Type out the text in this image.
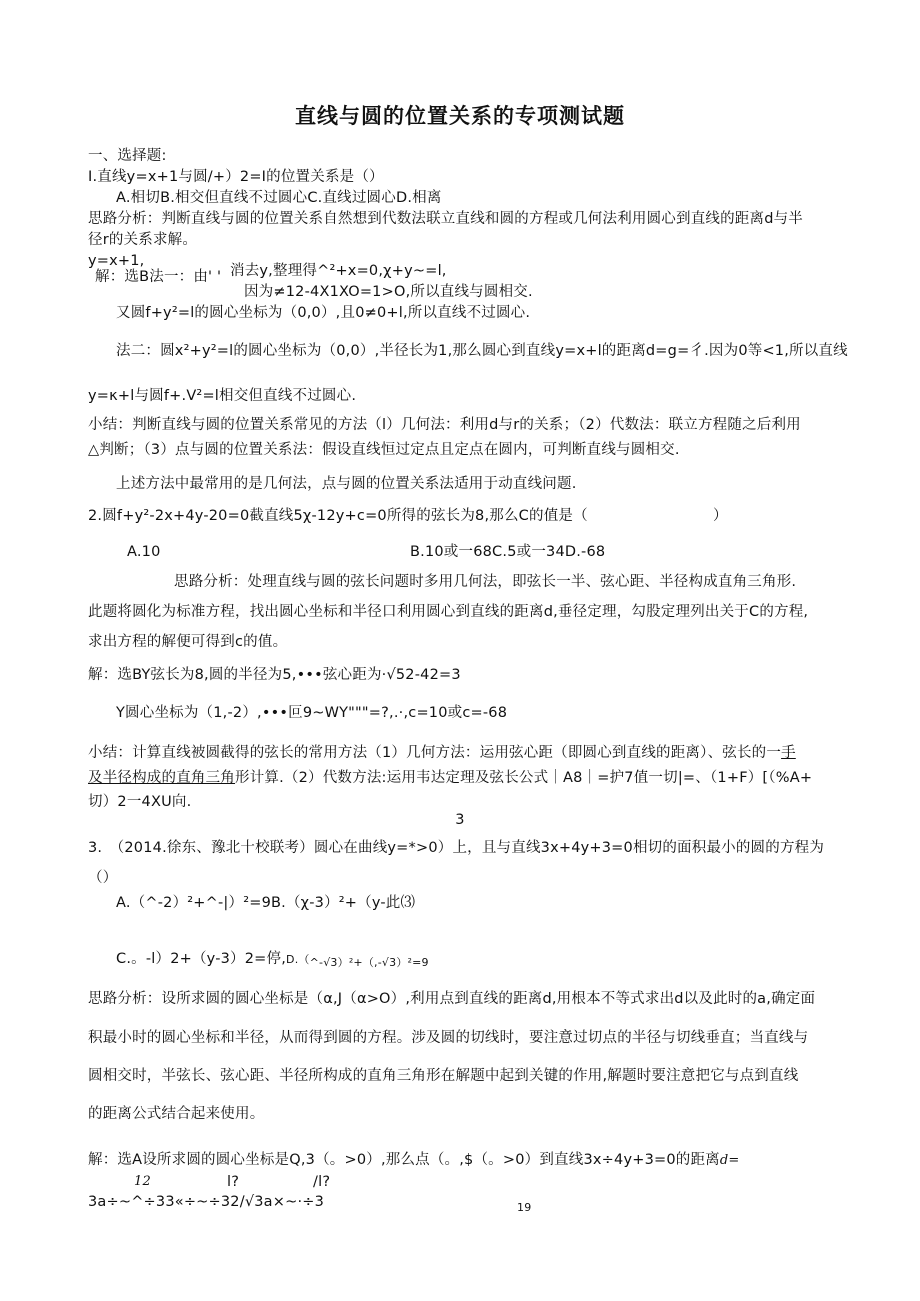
直线与圆的位置关系的专项测试题
一、选择题:
I.直线y=x+1与圆/+）2=I的位置关系是（）
A.相切B.相交但直线不过圆心C.直线过圆心D.相离
思路分析：判断直线与圆的位置关系自然想到代数法联立直线和圆的方程或几何法利用圆心到直线的距离d与半
径r的关系求解。
y=x+1,
解：选B法一：由' ' 消去y,整理得^²+x=0,χ+y~=l,
因为≠12-4X1XO=1>O,所以直线与圆相交.
又圆f+y²=l的圆心坐标为（0,0）,且0≠0+l,所以直线不过圆心.
法二：圆x²+y²=l的圆心坐标为（0,0）,半径长为1,那么圆心到直线y=x+l的距离d=g=彳.因为0等<1,所以直线
y=κ+l与圆f+.V²=l相交但直线不过圆心.
小结：判断直线与圆的位置关系常见的方法（l）几何法：利用d与r的关系；（2）代数法：联立方程随之后利用
△判断；（3）点与圆的位置关系法：假设直线恒过定点且定点在圆内，可判断直线与圆相交.
上述方法中最常用的是几何法，点与圆的位置关系法适用于动直线问题.
2.圆f+y²-2x+4y-20=0截直线5χ-12y+c=0所得的弦长为8,那么C的值是（	）
A.10	B.10或一68C.5或一34D.-68
思路分析：处理直线与圆的弦长问题时多用几何法，即弦长一半、弦心距、半径构成直角三角形.
此题将圆化为标准方程，找出圆心坐标和半径口利用圆心到直线的距离d,垂径定理，勾股定理列出关于C的方程,
求出方程的解便可得到c的值。
解：选BY弦长为8,圆的半径为5,•••弦心距为·√52-42=3
Y圆心坐标为（1,-2）,•••叵9~WY"""=?,.·,c=10或c=-68
小结：计算直线被圆截得的弦长的常用方法（1）几何方法：运用弦心距（即圆心到直线的距离）、弦长的一手
及半径构成的直角三角形计算.（2）代数方法:运用韦达定理及弦长公式｜A8｜=护7值一切|=、（1+F）[（%A+
切）2一4XU向.
3
3.　（2014.徐东、豫北十校联考）圆心在曲线y=*>0）上，且与直线3x+4y+3=0相切的面积最小的圆的方程为
（）
A.（^-2）²+^-|）²=9B.（χ-3）²+（y-此⑶
C.。-l）2+（y-3）2=停$,D.(_{\^{}-√3)^2+(,-√3)^2=9}$
思路分析：设所求圆的圆心坐标是（α,J（α>O）,利用点到直线的距离d,用根本不等式求出d以及此时的a,确定面
积最小时的圆心坐标和半径，从而得到圆的方程。涉及圆的切线时，要注意过切点的半径与切线垂直；当直线与
圆相交时，半弦长、弦心距、半径所构成的直角三角形在解题中起到关键的作用,解题时要注意把它与点到直线
的距离公式结合起来使用。
解：选A设所求圆的圆心坐标是Q,3（。>0）,那么点（。,$（。>0）到直线3x÷4y+3=0的距离d=
12	l?	/l?
3a÷~^÷33«÷~÷32∕√3a×~·÷3	19
